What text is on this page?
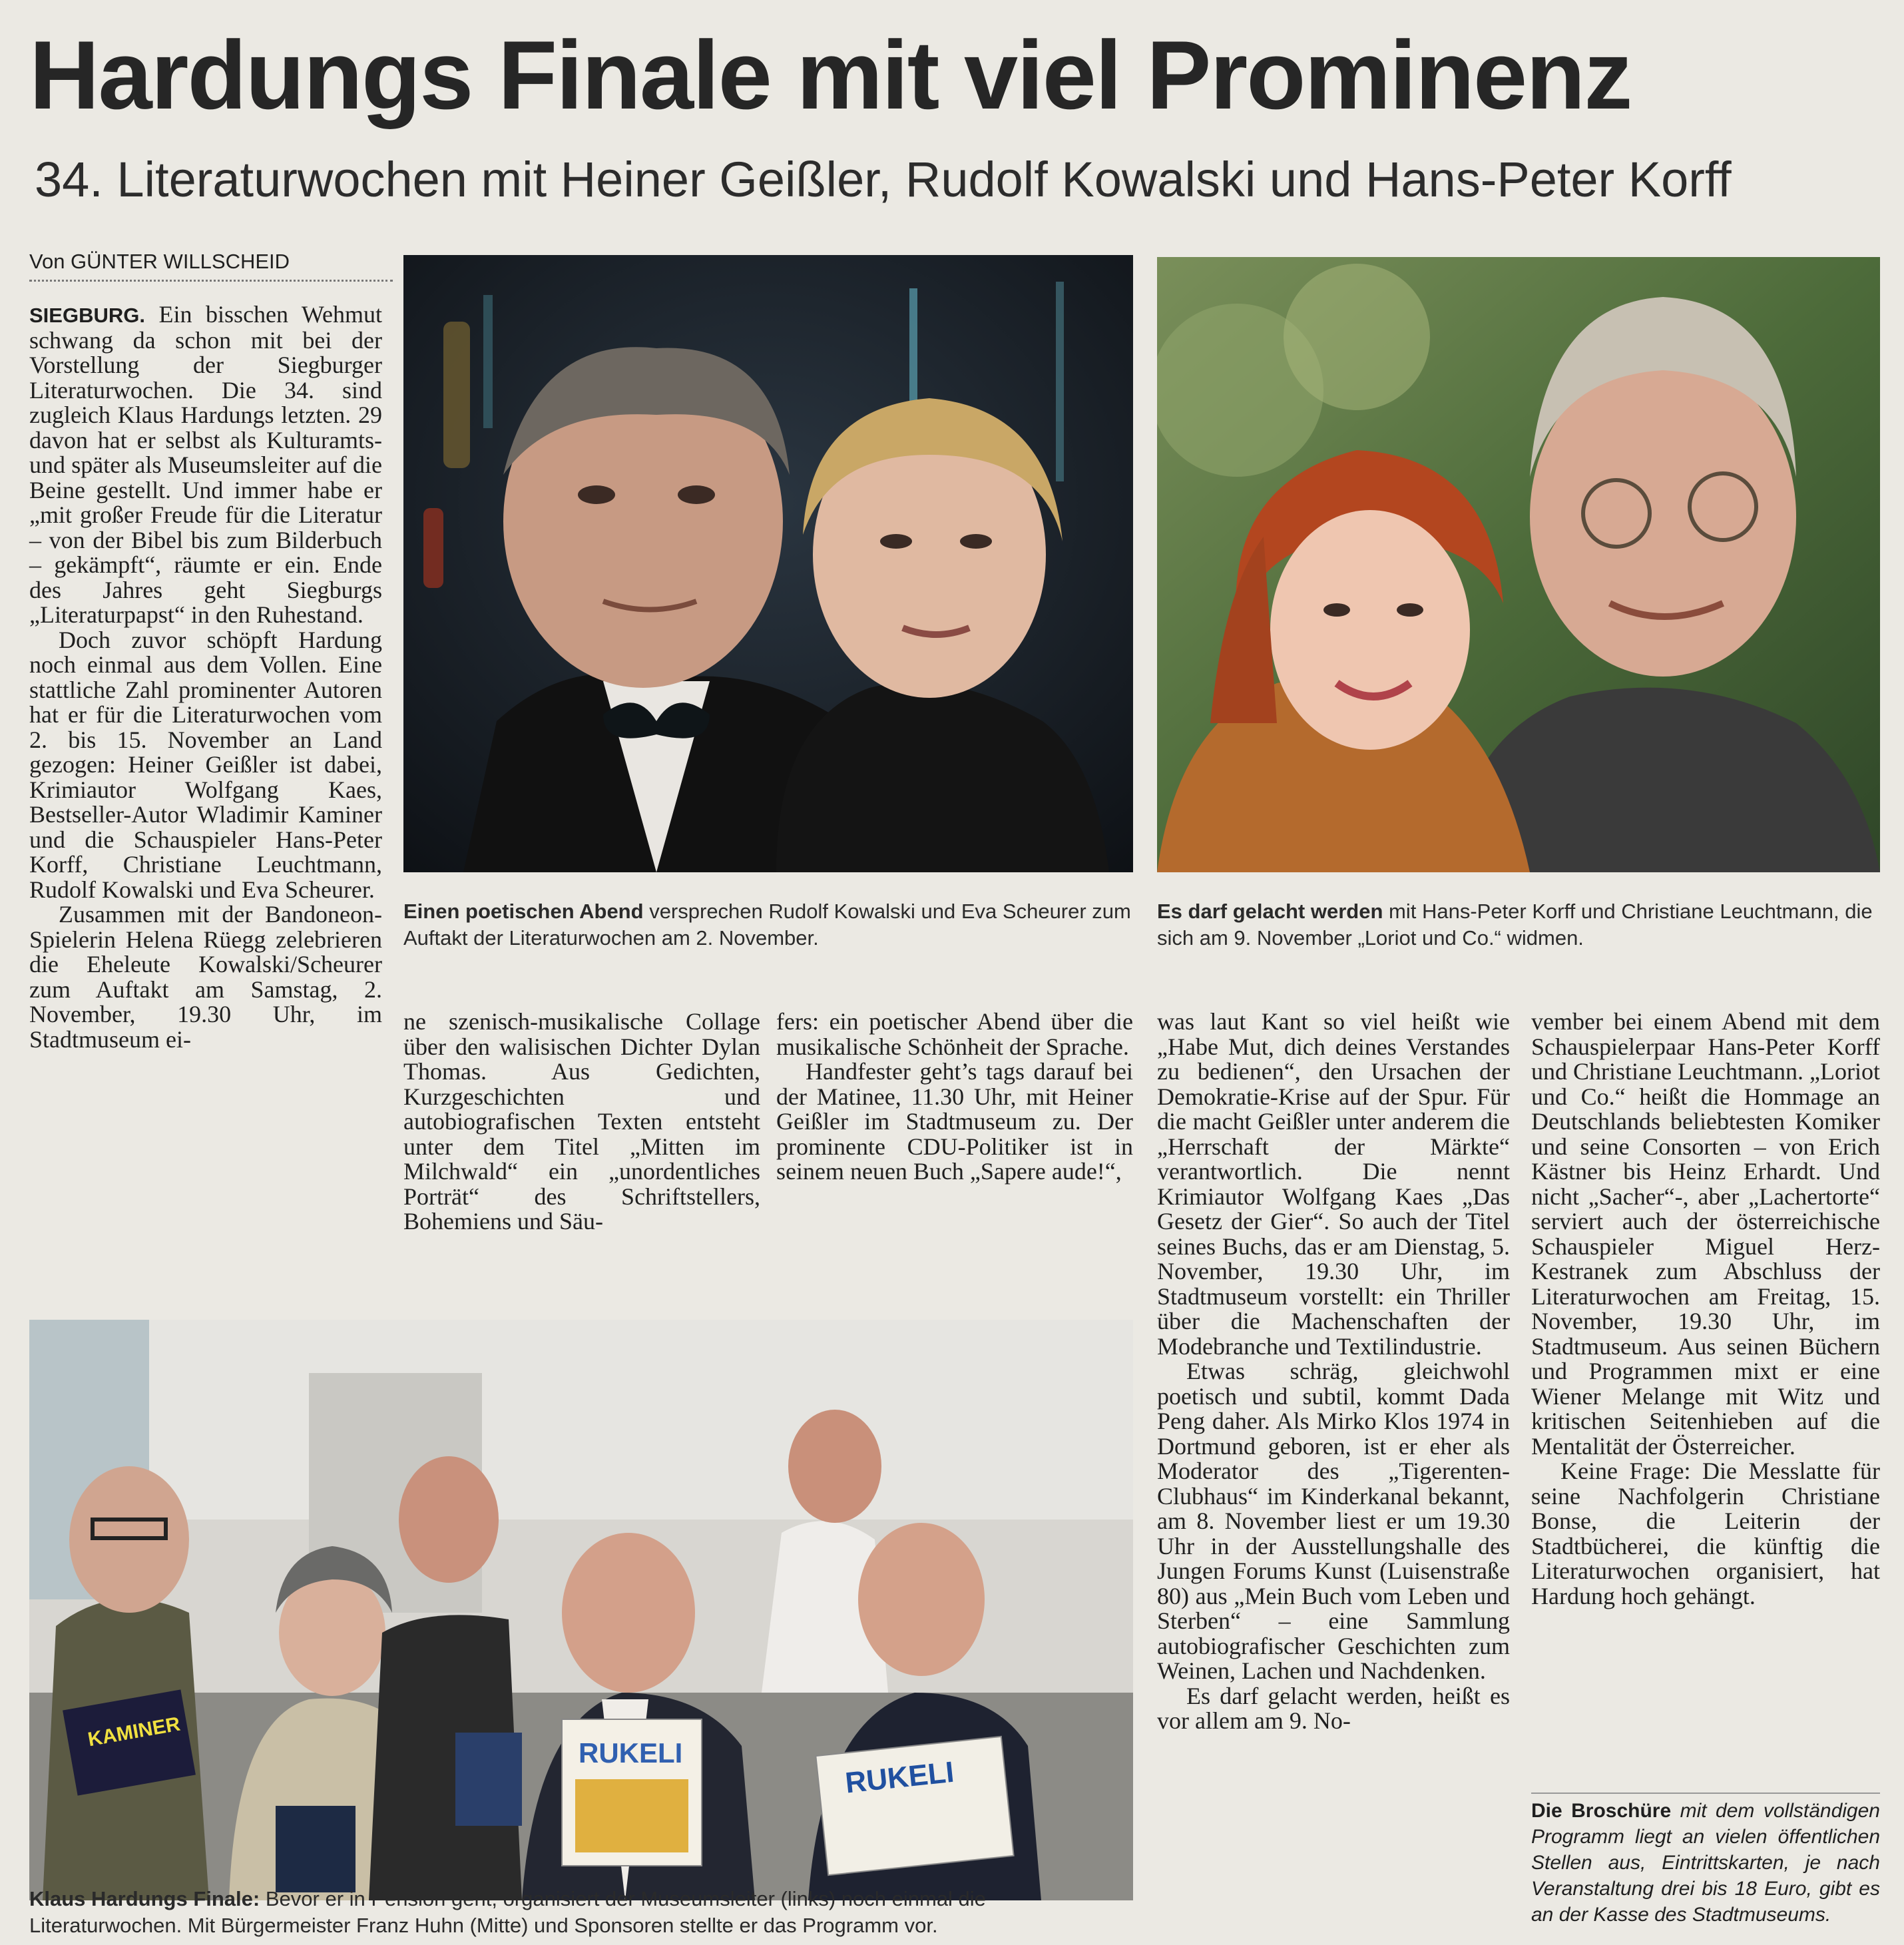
Hardungs Finale mit viel Prominenz
34. Literaturwochen mit Heiner Geißler, Rudolf Kowalski und Hans-Peter Korff
Von GÜNTER WILLSCHEID

SIEGBURG. Ein bisschen Wehmut schwang da schon mit bei der Vorstellung der Siegburger Literaturwochen. Die 34. sind zugleich Klaus Hardungs letzten. 29 davon hat er selbst als Kulturamts- und später als Museumsleiter auf die Beine gestellt. Und immer habe er „mit großer Freude für die Literatur – von der Bibel bis zum Bilderbuch – gekämpft“, räumte er ein. Ende des Jahres geht Siegburgs „Literaturpapst“ in den Ruhestand.

Doch zuvor schöpft Hardung noch einmal aus dem Vollen. Eine stattliche Zahl prominenter Autoren hat er für die Literaturwochen vom 2. bis 15. November an Land gezogen: Heiner Geißler ist dabei, Krimiautor Wolfgang Kaes, Bestseller-Autor Wladimir Kaminer und die Schauspieler Hans-Peter Korff, Christiane Leuchtmann, Rudolf Kowalski und Eva Scheurer.

Zusammen mit der Bandoneon-Spielerin Helena Rüegg zelebrieren die Eheleute Kowalski/Scheurer zum Auftakt am Samstag, 2. November, 19.30 Uhr, im Stadtmuseum ei-

Einen poetischen Abend versprechen Rudolf Kowalski und Eva Scheurer zum Auftakt der Literaturwochen am 2. November.
Es darf gelacht werden mit Hans-Peter Korff und Christiane Leuchtmann, die sich am 9. November „Loriot und Co.“ widmen.

ne szenisch-musikalische Collage über den walisischen Dichter Dylan Thomas. Aus Gedichten, Kurzgeschichten und autobiografischen Texten entsteht unter dem Titel „Mitten im Milchwald“ ein „unordentliches Porträt“ des Schriftstellers, Bohemiens und Säu-

fers: ein poetischer Abend über die musikalische Schönheit der Sprache.

Handfester geht’s tags darauf bei der Matinee, 11.30 Uhr, mit Heiner Geißler im Stadtmuseum zu. Der prominente CDU-Politiker ist in seinem neuen Buch „Sapere aude!“,

KAMINER
RUKELI
RUKELI
Klaus Hardungs Finale: Bevor er in Pension geht, organisiert der Museumsleiter (links) noch einmal die Literaturwochen. Mit Bürgermeister Franz Huhn (Mitte) und Sponsoren stellte er das Programm vor.

was laut Kant so viel heißt wie „Habe Mut, dich deines Verstandes zu bedienen“, den Ursachen der Demokratie-Krise auf der Spur. Für die macht Geißler unter anderem die „Herrschaft der Märkte“ verantwortlich. Die nennt Krimiautor Wolfgang Kaes „Das Gesetz der Gier“. So auch der Titel seines Buchs, das er am Dienstag, 5. November, 19.30 Uhr, im Stadtmuseum vorstellt: ein Thriller über die Machenschaften der Modebranche und Textilindustrie.

Etwas schräg, gleichwohl poetisch und subtil, kommt Dada Peng daher. Als Mirko Klos 1974 in Dortmund geboren, ist er eher als Moderator des „Tigerenten-Clubhaus“ im Kinderkanal bekannt, am 8. November liest er um 19.30 Uhr in der Ausstellungshalle des Jungen Forums Kunst (Luisenstraße 80) aus „Mein Buch vom Leben und Sterben“ – eine Sammlung autobiografischer Geschichten zum Weinen, Lachen und Nachdenken.

Es darf gelacht werden, heißt es vor allem am 9. No-

vember bei einem Abend mit dem Schauspielerpaar Hans-Peter Korff und Christiane Leuchtmann. „Loriot und Co.“ heißt die Hommage an Deutschlands beliebtesten Komiker und seine Consorten – von Erich Kästner bis Heinz Erhardt. Und nicht „Sacher“-, aber „Lachertorte“ serviert auch der österreichische Schauspieler Miguel Herz-Kestranek zum Abschluss der Literaturwochen am Freitag, 15. November, 19.30 Uhr, im Stadtmuseum. Aus seinen Büchern und Programmen mixt er eine Wiener Melange mit Witz und kritischen Seitenhieben auf die Mentalität der Österreicher.

Keine Frage: Die Messlatte für seine Nachfolgerin Christiane Bonse, die Leiterin der Stadtbücherei, die künftig die Literaturwochen organisiert, hat Hardung hoch gehängt.

Die Broschüre mit dem vollständigen Programm liegt an vielen öffentlichen Stellen aus, Eintrittskarten, je nach Veranstaltung drei bis 18 Euro, gibt es an der Kasse des Stadtmuseums.
